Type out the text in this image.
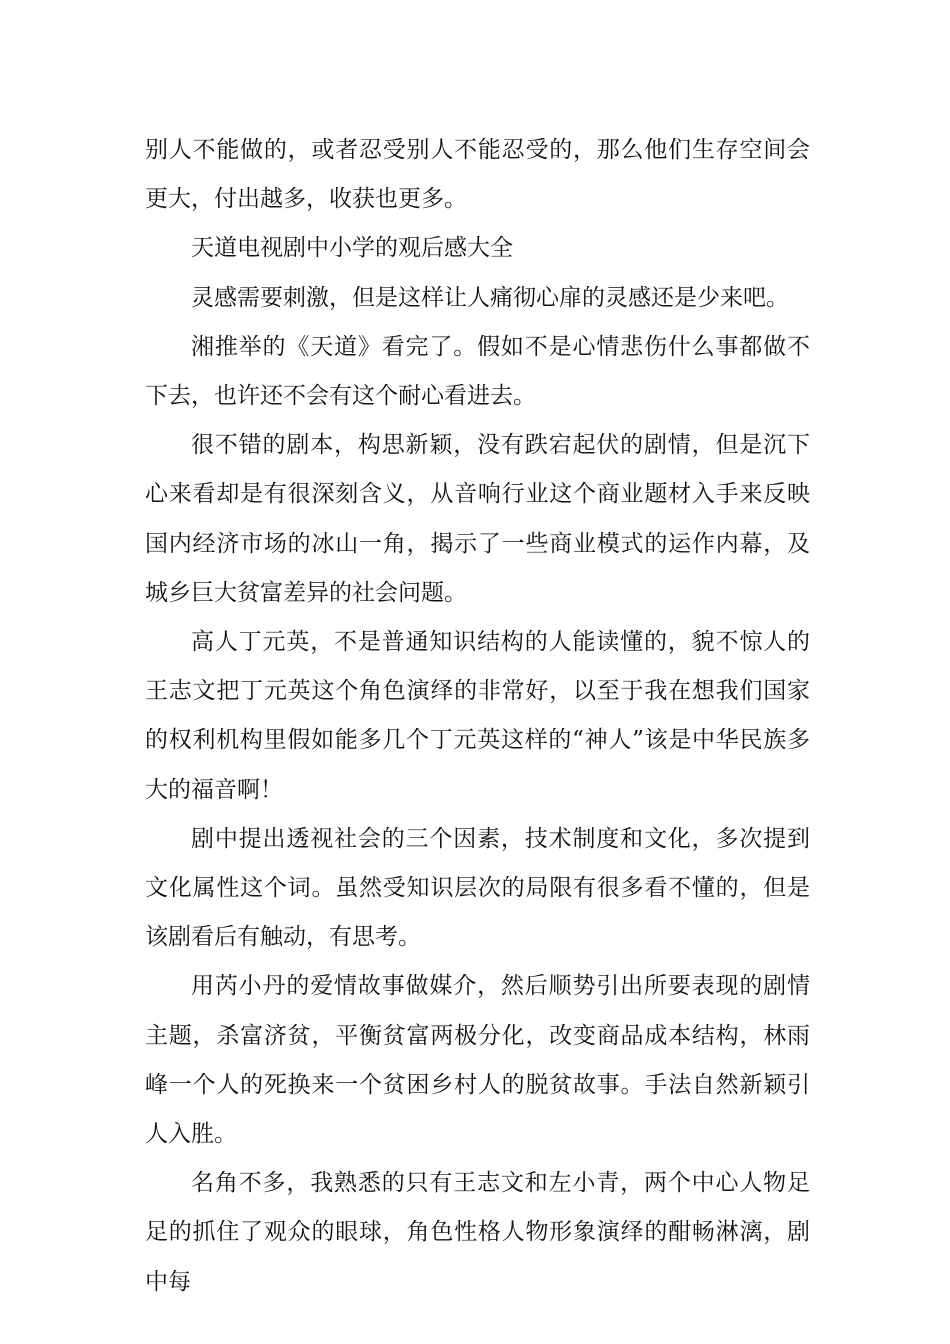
别人不能做的，或者忍受别人不能忍受的，那么他们生存空间会更大，付出越多，收获也更多。

天道电视剧中小学的观后感大全

灵感需要刺激，但是这样让人痛彻心扉的灵感还是少来吧。

湘推举的《天道》看完了。假如不是心情悲伤什么事都做不下去，也许还不会有这个耐心看进去。

很不错的剧本，构思新颖，没有跌宕起伏的剧情，但是沉下心来看却是有很深刻含义，从音响行业这个商业题材入手来反映国内经济市场的冰山一角，揭示了一些商业模式的运作内幕，及城乡巨大贫富差异的社会问题。

高人丁元英，不是普通知识结构的人能读懂的，貌不惊人的王志文把丁元英这个角色演绎的非常好，以至于我在想我们国家的权利机构里假如能多几个丁元英这样的“神人”该是中华民族多大的福音啊！

剧中提出透视社会的三个因素，技术制度和文化，多次提到文化属性这个词。虽然受知识层次的局限有很多看不懂的，但是该剧看后有触动，有思考。

用芮小丹的爱情故事做媒介，然后顺势引出所要表现的剧情主题，杀富济贫，平衡贫富两极分化，改变商品成本结构，林雨峰一个人的死换来一个贫困乡村人的脱贫故事。手法自然新颖引人入胜。

名角不多，我熟悉的只有王志文和左小青，两个中心人物足足的抓住了观众的眼球，角色性格人物形象演绎的酣畅淋漓，剧中每
